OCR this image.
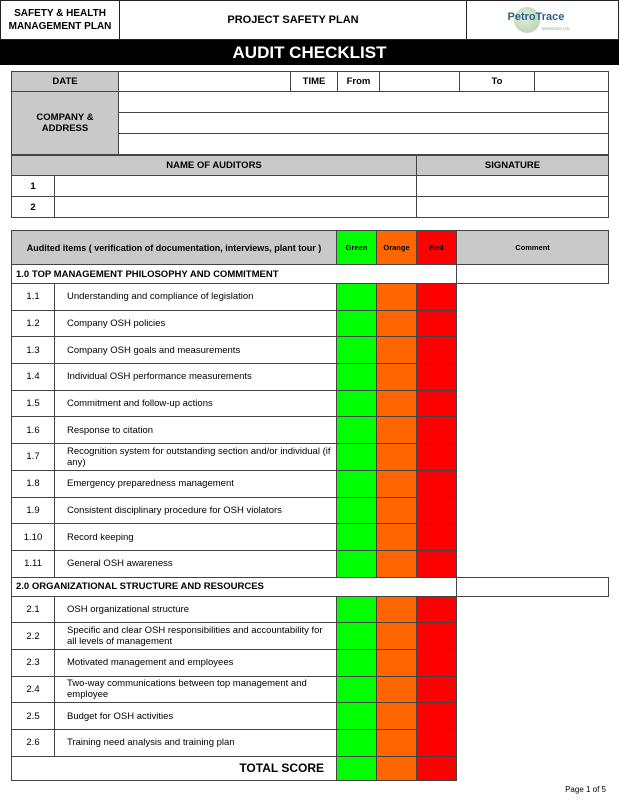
SAFETY & HEALTH MANAGEMENT PLAN
PROJECT SAFETY PLAN	PetroTrace
SERVICES LTD
AUDIT CHECKLIST
DATE		TIME	From		To	
COMPANY & ADDRESS						

NAME OF AUDITORS		SIGNATURE
1		
2		
Audited items ( verification of documentation, interviews, plant tour )		Green	Orange	Red	Comment
1.0 TOP MANAGEMENT PHILOSOPHY AND COMMITMENT					
1.1	Understanding and compliance of legislation				
1.2	Company OSH policies				
1.3	Company OSH goals and measurements				
1.4	Individual OSH performance measurements				
1.5	Commitment and follow-up actions				
1.6	Response to citation				
1.7	Recognition system for outstanding section and/or individual (if any)				
1.8	Emergency preparedness management				
1.9	Consistent disciplinary procedure for OSH violators				
1.10	Record keeping				
1.11	General OSH awareness				
2.0 ORGANIZATIONAL STRUCTURE AND RESOURCES					
2.1	OSH organizational structure				
2.2	Specific and clear OSH responsibilities and accountability for all levels of management				
2.3	Motivated management and employees				
2.4	Two-way communications between top management and employee				
2.5	Budget for OSH activities				
2.6	Training need analysis and training plan				
TOTAL SCORE					
Page 1 of 5
